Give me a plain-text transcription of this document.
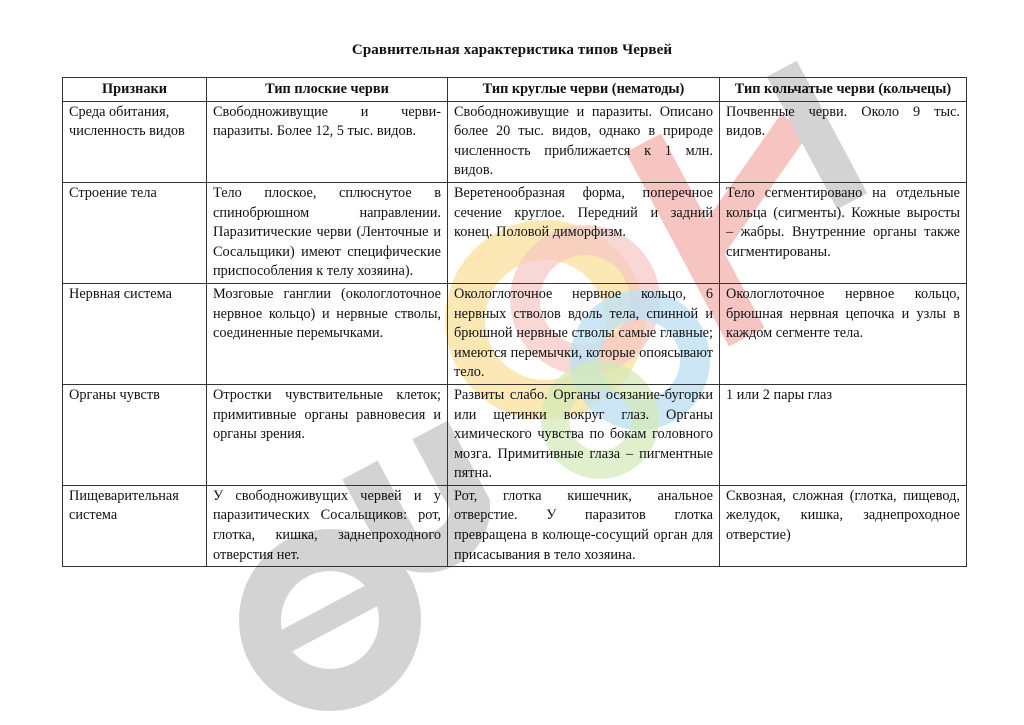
Сравнительная характеристика типов Червей
Признаки	Тип плоские черви	Тип круглые черви (нематоды)	Тип кольчатые черви (кольчецы)
Среда обитания, численность видов	Свободноживущие и черви-паразиты. Более 12, 5 тыс. видов.	Свободноживущие и паразиты. Описано более 20 тыс. видов, однако в природе численность приближается к 1 млн. видов.	Почвенные черви. Около 9 тыс. видов.
Строение тела	Тело плоское, сплюснутое в спинобрюшном направлении. Паразитические черви (Ленточные и Сосальщики) имеют специфические приспособления к телу хозяина).	Веретенообразная форма, поперечное сечение круглое. Передний и задний конец. Половой диморфизм.	Тело сегментировано на отдельные кольца (сигменты). Кожные выросты – жабры. Внутренние органы также сигментированы.
Нервная система	Мозговые ганглии (окологлоточное нервное кольцо) и нервные стволы, соединенные перемычками.	Окологлоточное нервное кольцо, 6 нервных стволов вдоль тела, спинной и брюшной нервные стволы самые главные; имеются перемычки, которые опоясывают тело.	Окологлоточное нервное кольцо, брюшная нервная цепочка и узлы в каждом сегменте тела.
Органы чувств	Отростки чувствительные клеток; примитивные органы равновесия и органы зрения.	Развиты слабо. Органы осязание-бугорки или щетинки вокруг глаз. Органы химического чувства по бокам головного мозга. Примитивные глаза – пигментные пятна.	1 или 2 пары глаз
Пищеварительная система	У свободноживущих червей и у паразитических Сосальщиков: рот, глотка, кишка, заднепроходного отверстия нет.	Рот, глотка кишечник, анальное отверстие. У паразитов глотка превращена в колюще-сосущий орган для присасывания в тело хозяина.	Сквозная, сложная (глотка, пищевод, желудок, кишка, заднепроходное отверстие)
